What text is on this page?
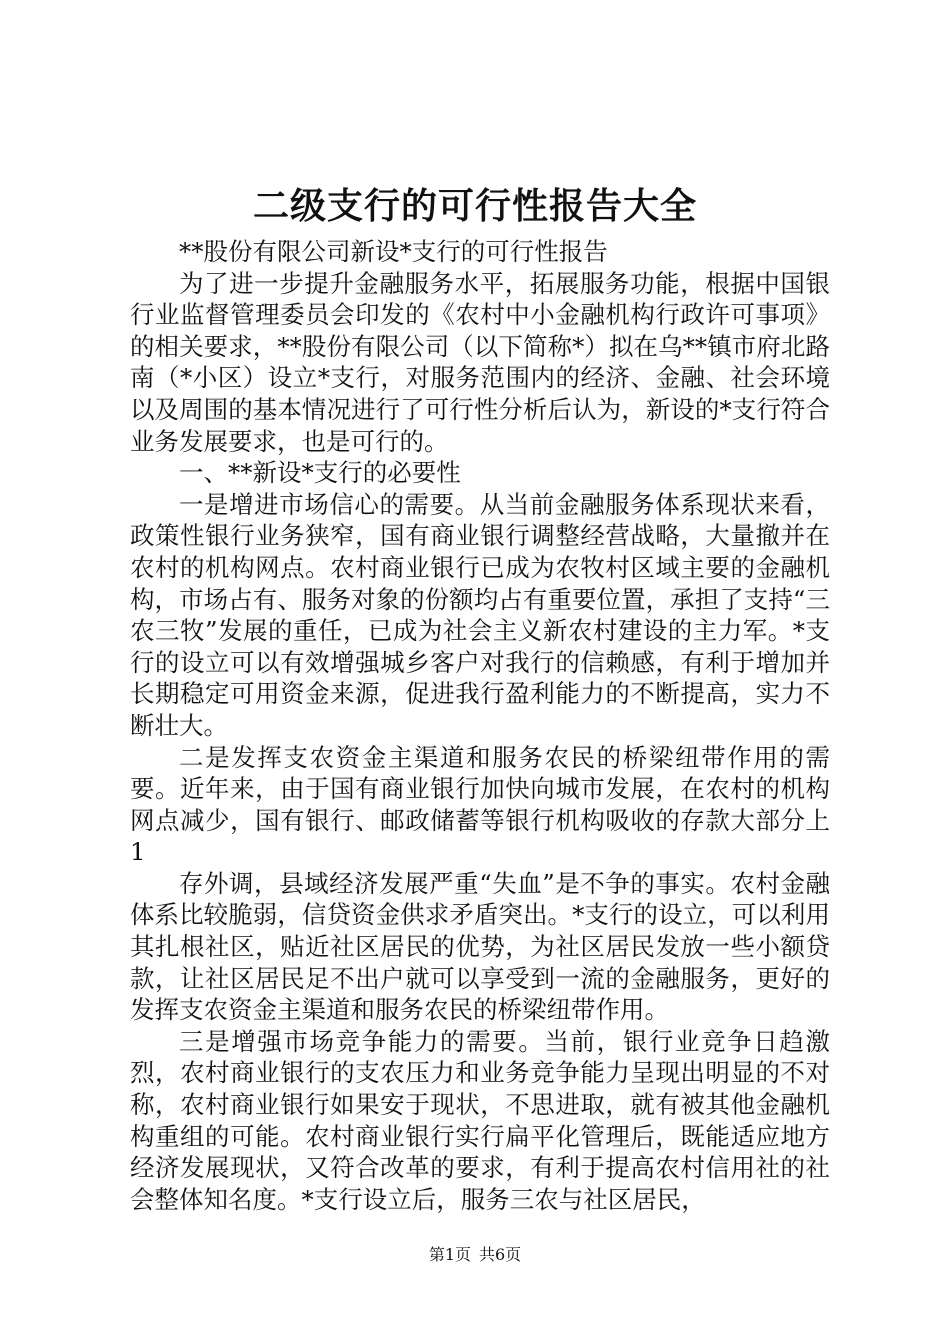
二级支行的可行性报告大全

**股份有限公司新设*支行的可行性报告

为了进一步提升金融服务水平，拓展服务功能，根据中国银行业监督管理委员会印发的《农村中小金融机构行政许可事项》的相关要求，**股份有限公司（以下简称*）拟在乌**镇市府北路南（*小区）设立*支行，对服务范围内的经济、金融、社会环境以及周围的基本情况进行了可行性分析后认为，新设的*支行符合业务发展要求，也是可行的。

一、**新设*支行的必要性

一是增进市场信心的需要。从当前金融服务体系现状来看，政策性银行业务狭窄，国有商业银行调整经营战略，大量撤并在农村的机构网点。农村商业银行已成为农牧村区域主要的金融机构，市场占有、服务对象的份额均占有重要位置，承担了支持“三农三牧”发展的重任，已成为社会主义新农村建设的主力军。*支行的设立可以有效增强城乡客户对我行的信赖感，有利于增加并长期稳定可用资金来源，促进我行盈利能力的不断提高，实力不断壮大。

二是发挥支农资金主渠道和服务农民的桥梁纽带作用的需要。近年来，由于国有商业银行加快向城市发展，在农村的机构网点减少，国有银行、邮政储蓄等银行机构吸收的存款大部分上1

存外调，县域经济发展严重“失血”是不争的事实。农村金融体系比较脆弱，信贷资金供求矛盾突出。*支行的设立，可以利用其扎根社区，贴近社区居民的优势，为社区居民发放一些小额贷款，让社区居民足不出户就可以享受到一流的金融服务，更好的发挥支农资金主渠道和服务农民的桥梁纽带作用。

三是增强市场竞争能力的需要。当前，银行业竞争日趋激烈，农村商业银行的支农压力和业务竞争能力呈现出明显的不对称，农村商业银行如果安于现状，不思进取，就有被其他金融机构重组的可能。农村商业银行实行扁平化管理后，既能适应地方经济发展现状，又符合改革的要求，有利于提高农村信用社的社会整体知名度。*支行设立后，服务三农与社区居民，

第1页 共6页
